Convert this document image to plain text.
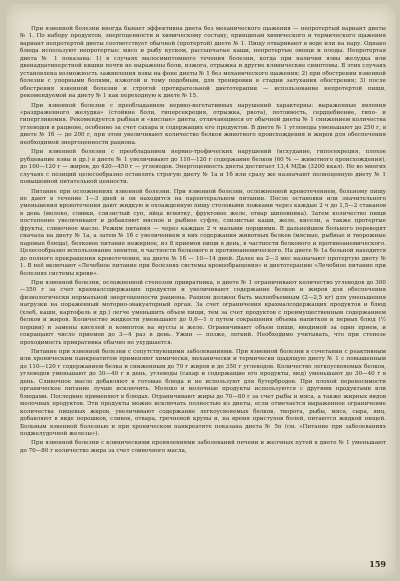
При язвенной болезни иногда бывает эффективна диета без механического щажения — непротертый вариант диеты № 1. По набору продуктов, энергоценности и химическому составу, принципам химического и термического щажения вариант непротертой диеты соответствует обычной (протертой) диете № 1. Пищу отваривают в воде или на пару. Однако блюда используют непротертые: мясо и рыбу куском, рассыпчатые каши, непротертые овощи и плоды. Непротертая диета № 1 показана: 1) в случаях малосимптомного течения болезни, когда при наличии язвы желудка или двенадцатиперстной кишки почти не выражены боли, изжога, отрыжка и другие клинические симптомы. В этих случаях установлена возможность заживления язвы на фоне диеты № 1 без механического щажения; 2) при обострении язвенной болезни с упорными болями, изжогой и тому подобным, для тренировки в стадии затухания обострения; 3) после обострения язвенной болезни и строгой протирательной диетотерапии — использование непротертой пищи, рекомендуемой на диету № 1 как переходную к диете № 15.

При язвенной болезни с преобладанием нервно-вегетативных нарушений характерны: выраженные явления «раздраженного желудка» (стойкие боли, гиперсекреция, отрыжка, рвота), потливость, сердцебиение, гипо- и гипергликемия. Рекомендуется рыбная и «кислые» диеты, отличающиеся от обычной диеты № 1 снижением количества углеводов в рационе, особенно за счет сахара и содержащих его продуктов. В диете № 1 углеводы уменьшают до 250 г, в диете № 1б — до 200 г, при этом увеличивают количество белков животного происхождения и жиров для обеспечения необходимой энергоценности рациона.

При язвенной болезни с преобладанием нервно-трофических нарушений (исхудание, гипосекреция, плохое рубцевание язвы и др.) в диете № 1 увеличивают до 110—120 г содержание белков (60 % — животного происхождения), до 100—120 г — жиров, до 420—450 г — углеводов. Энергоценность диеты достигает 13,4 МДж (3200 ккал). Но во многих случаях с позиций целесообразно оставлять строгую диету № 1а и 1б или сразу же назначают полноценную диету № 1 повышенной питательной ценности.

Питание при осложнениях язвенной болезни. При язвенной болезни, осложненной кровотечением, больному пищу не дают в течение 1—3 дней и он находится на парентеральном питании. После остановки или значительного уменьшения кровотечения дают жидкую и охлажденную пищу столовыми ложками через каждые 2 ч до 1,5—2 стаканов в день (молоко, сливки, слизистый суп, яйца всмятку, фруктовое желе, отвар шиповника). Затем количество пищи постепенно увеличивают и добавляют мясное и рыбное суфле, слизистые каши, желе, кисели, а также протертые фрукты, сливочное масло. Режим питания — через каждые 2 ч малыми порциями. В дальнейшем больного переводят сначала на диету № 1а, а затем № 1б с увеличением в них содержания животных белков (мясные, рыбные и творожные паровые блюда), белковое питание нежирное, из 8 приемов пищи в день, в частности белкового и противоанемического. Целесообразно использование энпитов, в частности белкового и противоанемического. На диете № 1а больной находится до полного прекращения кровотечения, на диете № 1б — 10—14 дней. Далее на 2—3 мес назначают протертую диету № 1. В неё включают «Лечебное питание при болезнях системы кровообращения» и диетотерапию «Лечебное питание при болезнях системы крови».

При язвенной болезни, осложненной стенозом привратника, в диете № 1 ограничивают количество углеводов до 300—350 г за счет крахмалсодержащих продуктов и увеличивают содержание белков и жиров для обеспечения физиологически нормальной энергоценности рациона. Рацион должен быть малообъемным (2—2,5 кг) для уменьшения нагрузки на пораженный моторно-эвакуаторный орган. За счет ограничения крахмалсодержащих продуктов и блюд (хлеб, каши, картофель и др.) легче уменьшить объем пищи, тем за счет продуктов с преимущественным содержанием белков и жиров. Количество жидкости уменьшают до 0,6—1 л путем сокращения объема напитков и первых блюд (½ порции) и замены киселей и компотов на муссы и желе. Ограничивают объем пищи, вводимой за один прием, и сокращают число приемов до 3—4 раз в день. Ужин — позже, легкий. Необходимо учитывать, что при стенозе проходимость привратника обычно не ухудшается.

Питание при язвенной болезни с сопутствующими заболеваниями. При язвенной болезни в сочетании с реактивным или хроническим панкреатитом применяют химически, механически и термически щадящую диету № 1 с повышенным до 110—120 г содержанием белка и сниженным до 70 г жиров и до 350 г углеводов. Количество легкоусвояемых белков, углеводов уменьшают до 30—40 г в день, углеводы (сахар и содержащие его продукты, мед) уменьшают до 30—40 г в день. Сливочное масло добавляют в готовые блюда и не используют для бутербродов. При плохой переносимости органическое питание лучше исключить. Молоко и молочные продукты используются с другими продуктами или блюдами. Последние применяют в блюдах. Ограничивают жиры до 70—80 г за счет рыбы и мяса, а также жирных видов молочных продуктов. Эти продукты можно исключать полностью из диеты, если отмечается выраженное ограничение количества пищевых жиров, увеличивают содержание легкоусвояемых белков, творога, рыбы, мяса, сыра, яиц, добавляют в виде порошков, сливок, отвара, гречневой крупы и, на время приступов болей, питаются жидкой пищей. Больным язвенной болезнью и при хроническом панкреатите показана диета № 5п (см. «Питание при заболеваниях поджелудочной железы»).

При язвенной болезни с клиническими проявлениями заболеваний печени и желчных путей в диете № 1 уменьшают до 70—80 г количество жира за счет сливочного масла,

159
